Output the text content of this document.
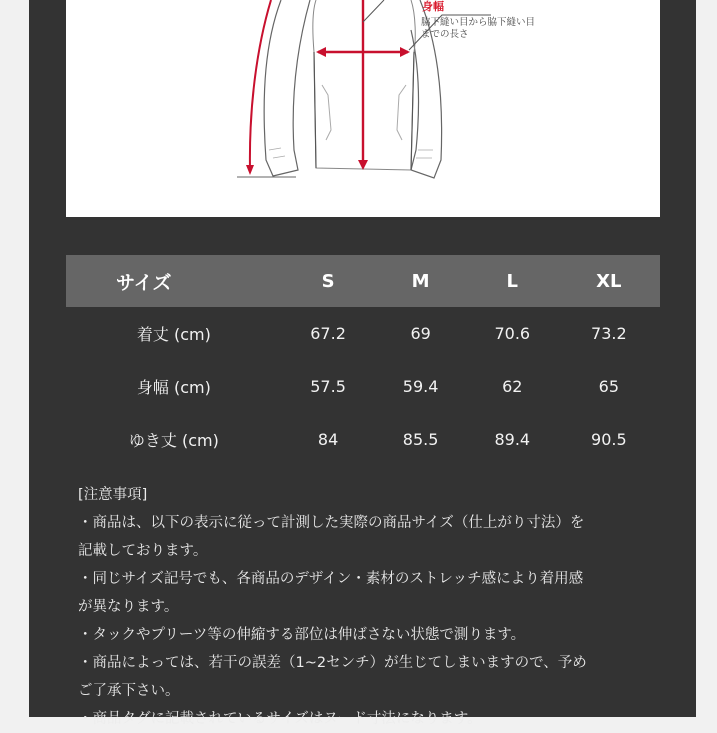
身幅
脇下縫い目から脇下縫い目
までの長さ
サイズ	S	M	L	XL
着丈 (cm)	67.2	69	70.6	73.2
身幅 (cm)	57.5	59.4	62	65
ゆき丈 (cm)	84	85.5	89.4	90.5
[注意事項]
・商品は、以下の表示に従って計測した実際の商品サイズ（仕上がり寸法）を
記載しております。
・同じサイズ記号でも、各商品のデザイン・素材のストレッチ感により着用感
が異なります。
・タックやプリーツ等の伸縮する部位は伸ばさない状態で測ります。
・商品によっては、若干の誤差（1~2センチ）が生じてしまいますので、予め
ご了承下さい。
・商品タグに記載されているサイズはヌード寸法になります。
